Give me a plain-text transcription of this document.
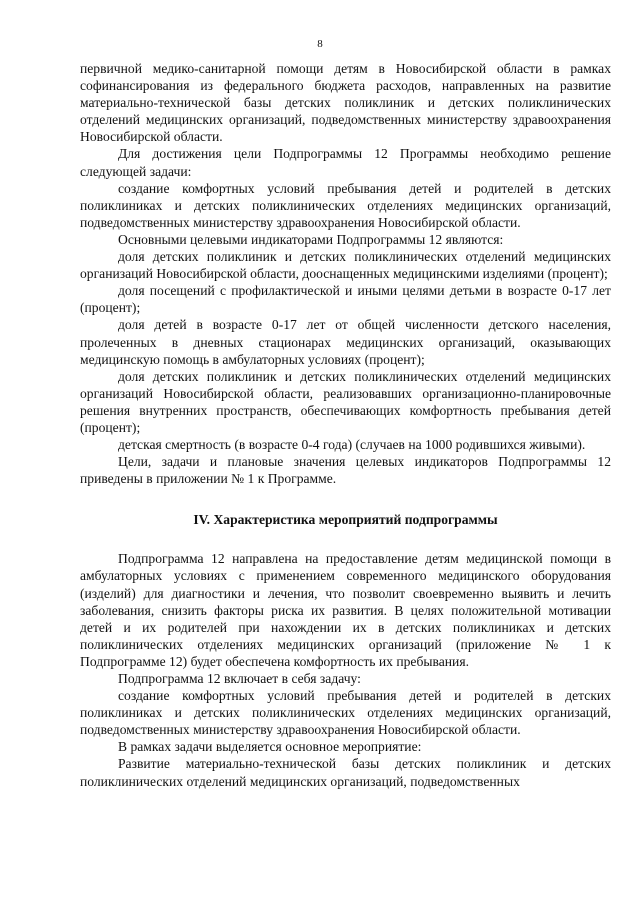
8

первичной медико-санитарной помощи детям в Новосибирской области в рамках софинансирования из федерального бюджета расходов, направленных на развитие материально-технической базы детских поликлиник и детских поликлинических отделений медицинских организаций, подведомственных министерству здравоохранения Новосибирской области.

Для достижения цели Подпрограммы 12 Программы необходимо решение следующей задачи:

создание комфортных условий пребывания детей и родителей в детских поликлиниках и детских поликлинических отделениях медицинских организаций, подведомственных министерству здравоохранения Новосибирской области.

Основными целевыми индикаторами Подпрограммы 12 являются:

доля детских поликлиник и детских поликлинических отделений медицинских организаций Новосибирской области, дооснащенных медицинскими изделиями (процент);

доля посещений с профилактической и иными целями детьми в возрасте 0-17 лет (процент);

доля детей в возрасте 0-17 лет от общей численности детского населения, пролеченных в дневных стационарах медицинских организаций, оказывающих медицинскую помощь в амбулаторных условиях (процент);

доля детских поликлиник и детских поликлинических отделений медицинских организаций Новосибирской области, реализовавших организационно-планировочные решения внутренних пространств, обеспечивающих комфортность пребывания детей (процент);

детская смертность (в возрасте 0-4 года) (случаев на 1000 родившихся живыми).

Цели, задачи и плановые значения целевых индикаторов Подпрограммы 12 приведены в приложении № 1 к Программе.

IV. Характеристика мероприятий подпрограммы

Подпрограмма 12 направлена на предоставление детям медицинской помощи в амбулаторных условиях с применением современного медицинского оборудования (изделий) для диагностики и лечения, что позволит своевременно выявить и лечить заболевания, снизить факторы риска их развития. В целях положительной мотивации детей и их родителей при нахождении их в детских поликлиниках и детских поликлинических отделениях медицинских организаций (приложение № 1 к Подпрограмме 12) будет обеспечена комфортность их пребывания.

Подпрограмма 12 включает в себя задачу:

создание комфортных условий пребывания детей и родителей в детских поликлиниках и детских поликлинических отделениях медицинских организаций, подведомственных министерству здравоохранения Новосибирской области.

В рамках задачи выделяется основное мероприятие:

Развитие материально-технической базы детских поликлиник и детских поликлинических отделений медицинских организаций, подведомственных
